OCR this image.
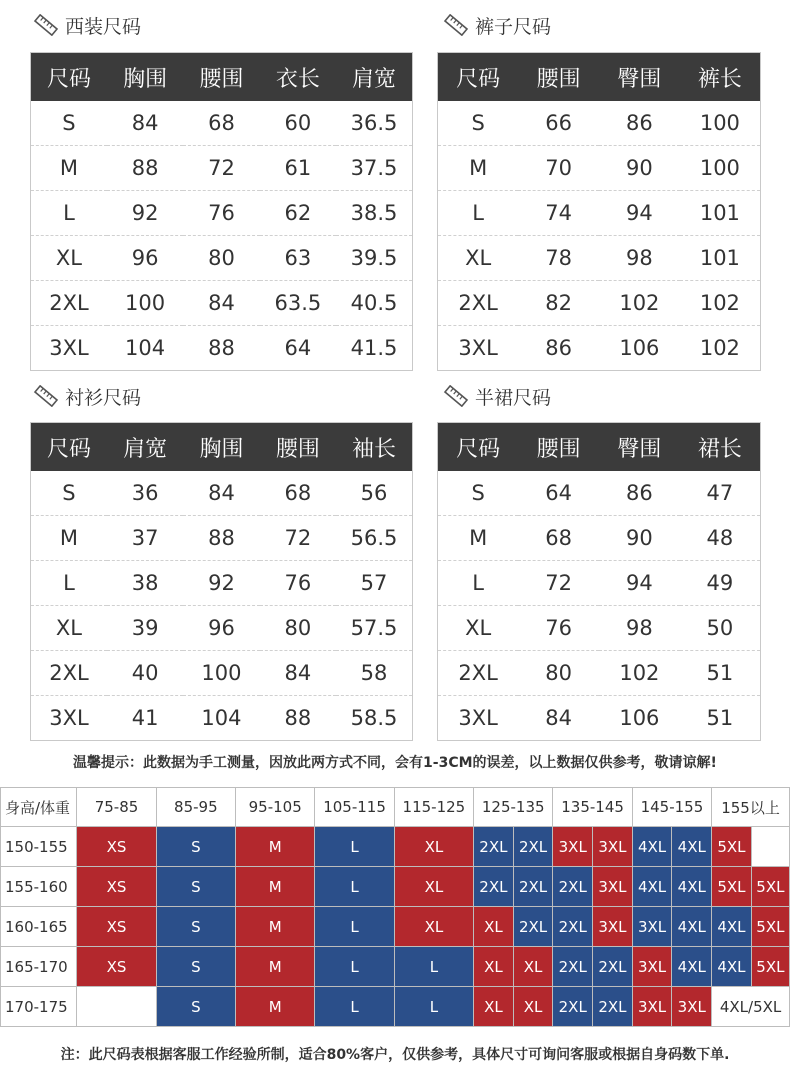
西装尺码	裤子尺码
衬衫尺码	半裙尺码
尺码	胸围	腰围	衣长	肩宽
S	84	68	60	36.5
M	88	72	61	37.5
L	92	76	62	38.5
XL	96	80	63	39.5
2XL	100	84	63.5	40.5
3XL	104	88	64	41.5
尺码	腰围	臀围	裤长
S	66	86	100
M	70	90	100
L	74	94	101
XL	78	98	101
2XL	82	102	102
3XL	86	106	102
尺码	肩宽	胸围	腰围	袖长
S	36	84	68	56
M	37	88	72	56.5
L	38	92	76	57
XL	39	96	80	57.5
2XL	40	100	84	58
3XL	41	104	88	58.5
尺码	腰围	臀围	裙长
S	64	86	47
M	68	90	48
L	72	94	49
XL	76	98	50
2XL	80	102	51
3XL	84	106	51
温馨提示：此数据为手工测量，因放此两方式不同，会有1-3CM的误差，以上数据仅供参考，敬请谅解!
身高/体重	75-85	85-95	95-105	105-115	115-125	125-135		135-145		145-155		155以上	
150-155	XS	S	M	L	XL	2XL	2XL	3XL	3XL	4XL	4XL	5XL	
155-160	XS	S	M	L	XL	2XL	2XL	2XL	3XL	4XL	4XL	5XL	5XL
160-165	XS	S	M	L	XL	XL	2XL	2XL	3XL	3XL	4XL	4XL	5XL
165-170	XS	S	M	L	L	XL	XL	2XL	2XL	3XL	4XL	4XL	5XL
170-175		S	M	L	L	XL	XL	2XL	2XL	3XL	3XL	4XL/5XL	
注：此尺码表根据客服工作经验所制，适合80%客户，仅供参考，具体尺寸可询问客服或根据自身码数下单.
